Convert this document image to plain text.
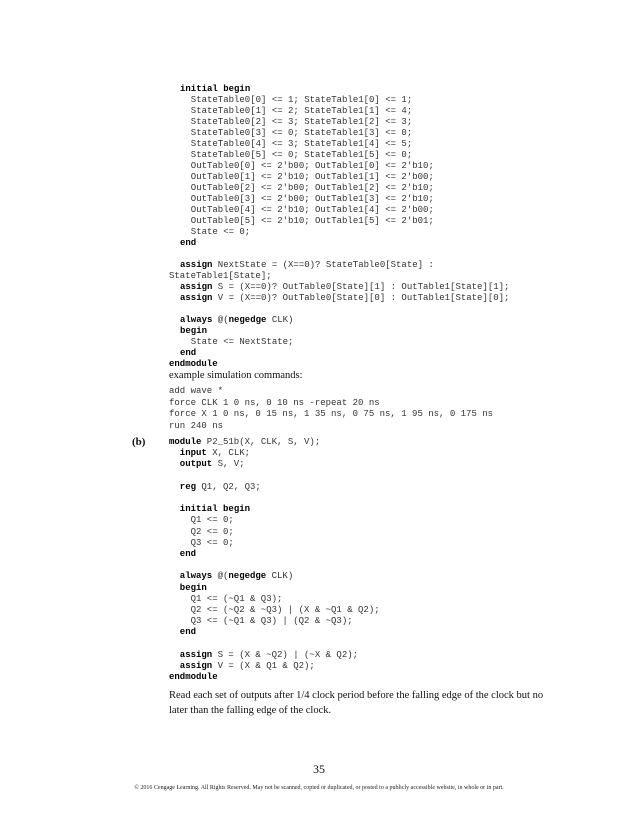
initial begin
StateTable0[0] <= 1; StateTable1[0] <= 1;
StateTable0[1] <= 2; StateTable1[1] <= 4;
StateTable0[2] <= 3; StateTable1[2] <= 3;
StateTable0[3] <= 0; StateTable1[3] <= 0;
StateTable0[4] <= 3; StateTable1[4] <= 5;
StateTable0[5] <= 0; StateTable1[5] <= 0;
OutTable0[0] <= 2'b00; OutTable1[0] <= 2'b10;
OutTable0[1] <= 2'b10; OutTable1[1] <= 2'b00;
OutTable0[2] <= 2'b00; OutTable1[2] <= 2'b10;
OutTable0[3] <= 2'b00; OutTable1[3] <= 2'b10;
OutTable0[4] <= 2'b10; OutTable1[4] <= 2'b00;
OutTable0[5] <= 2'b10; OutTable1[5] <= 2'b01;
State <= 0;
end
assign NextState = (X==0)? StateTable0[State] :
StateTable1[State];
assign S = (X==0)? OutTable0[State][1] : OutTable1[State][1];
assign V = (X==0)? OutTable0[State][0] : OutTable1[State][0];
always @(negedge CLK)
begin
State <= NextState;
end
endmodule
example simulation commands:
add wave *
force CLK 1 0 ns, 0 10 ns -repeat 20 ns
force X 1 0 ns, 0 15 ns, 1 35 ns, 0 75 ns, 1 95 ns, 0 175 ns
run 240 ns
(b)	module P2_51b(X, CLK, S, V);
input X, CLK;
output S, V;
reg Q1, Q2, Q3;
initial begin
Q1 <= 0;
Q2 <= 0;
Q3 <= 0;
end
always @(negedge CLK)
begin
Q1 <= (~Q1 & Q3);
Q2 <= (~Q2 & ~Q3) | (X & ~Q1 & Q2);
Q3 <= (~Q1 & Q3) | (Q2 & ~Q3);
end
assign S = (X & ~Q2) | (~X & Q2);
assign V = (X & Q1 & Q2);
endmodule
Read each set of outputs after 1/4 clock period before the falling edge of the clock but no later than the falling edge of the clock.
35
© 2016 Cengage Learning. All Rights Reserved. May not be scanned, copied or duplicated, or posted to a publicly accessible website, in whole or in part.
